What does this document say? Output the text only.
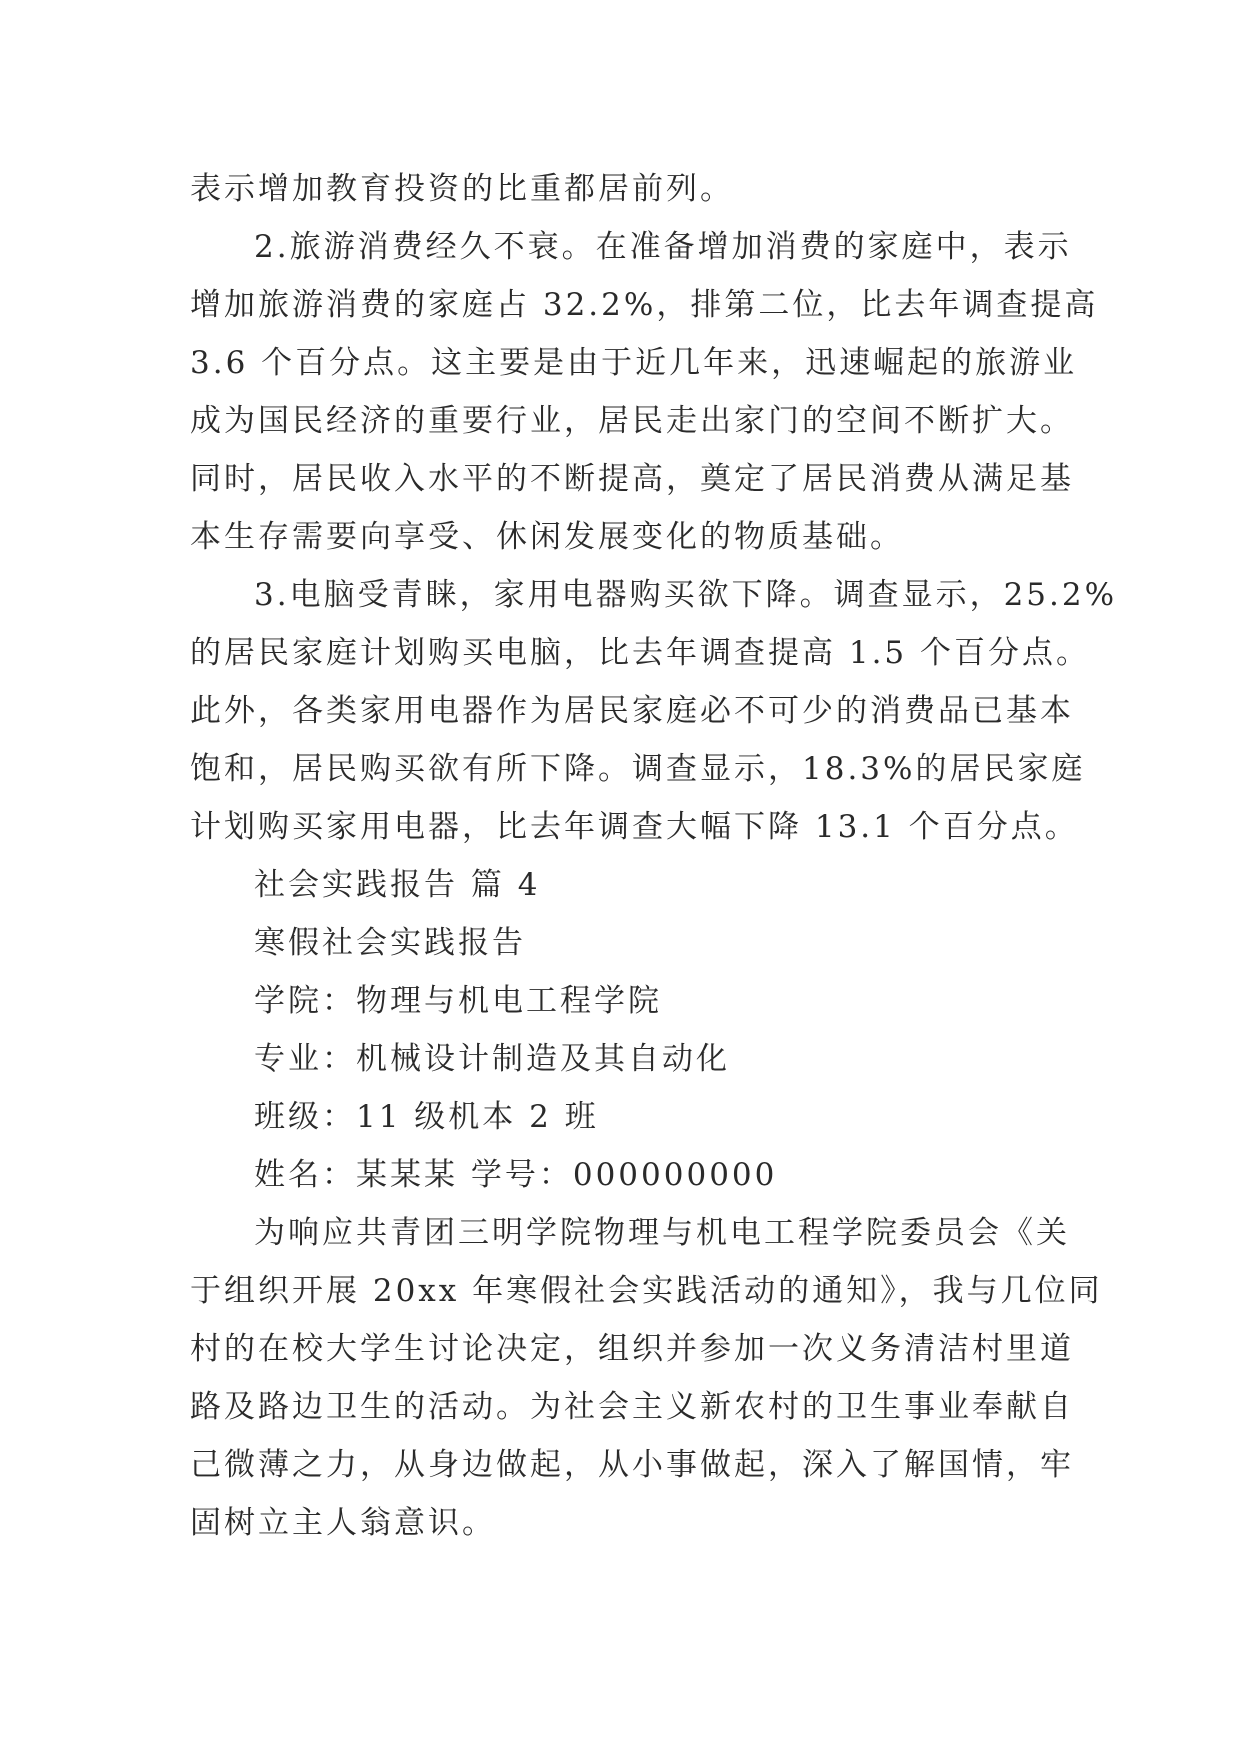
表示增加教育投资的比重都居前列。
2.旅游消费经久不衰。在准备增加消费的家庭中，表示
增加旅游消费的家庭占 32.2%，排第二位，比去年调查提高
3.6 个百分点。这主要是由于近几年来，迅速崛起的旅游业
成为国民经济的重要行业，居民走出家门的空间不断扩大。
同时，居民收入水平的不断提高，奠定了居民消费从满足基
本生存需要向享受、休闲发展变化的物质基础。
3.电脑受青睐，家用电器购买欲下降。调查显示，25.2%
的居民家庭计划购买电脑，比去年调查提高 1.5 个百分点。
此外，各类家用电器作为居民家庭必不可少的消费品已基本
饱和，居民购买欲有所下降。调查显示，18.3%的居民家庭
计划购买家用电器，比去年调查大幅下降 13.1 个百分点。
社会实践报告 篇 4
寒假社会实践报告
学院：物理与机电工程学院
专业：机械设计制造及其自动化
班级：11 级机本 2 班
姓名：某某某 学号：000000000
为响应共青团三明学院物理与机电工程学院委员会《关
于组织开展 20xx 年寒假社会实践活动的通知》，我与几位同
村的在校大学生讨论决定，组织并参加一次义务清洁村里道
路及路边卫生的活动。为社会主义新农村的卫生事业奉献自
己微薄之力，从身边做起，从小事做起，深入了解国情，牢
固树立主人翁意识。
